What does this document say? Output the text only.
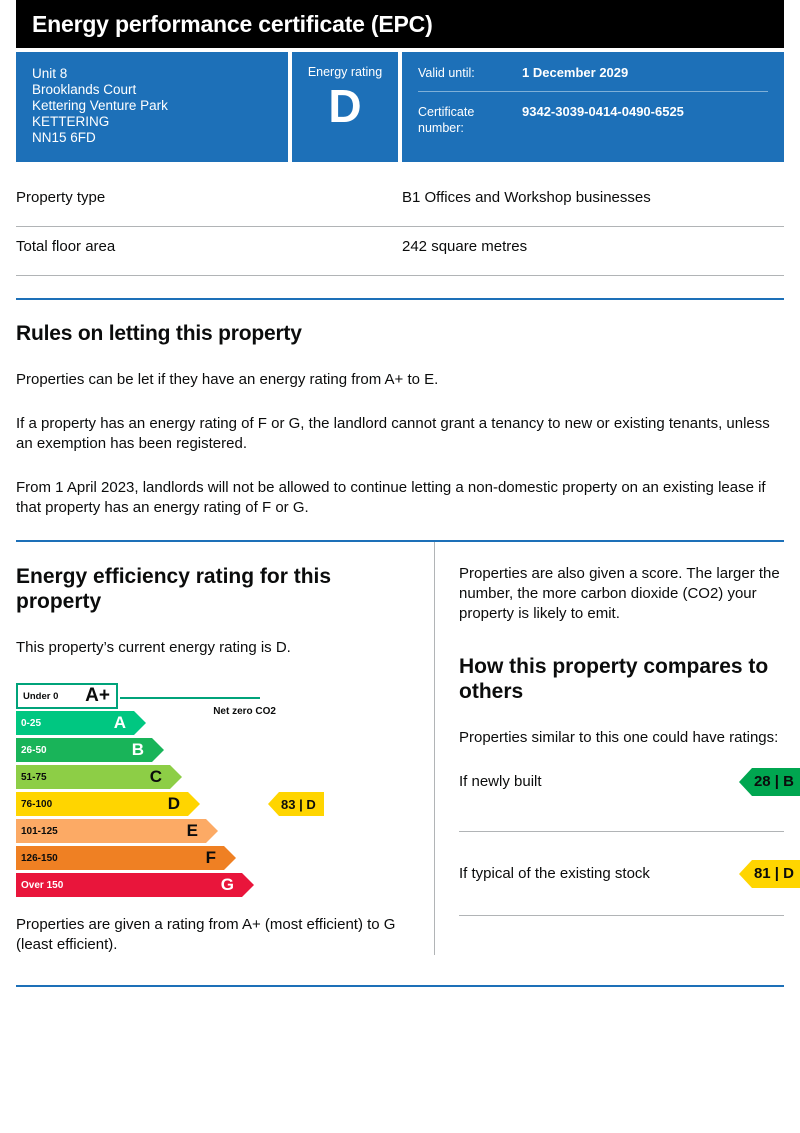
Energy performance certificate (EPC)
Unit 8
Brooklands Court
Kettering Venture Park
KETTERING
NN15 6FD
Energy rating
D
Valid until:	1 December 2029
Certificate number:
9342-3039-0414-0490-6525
Property type	B1 Offices and Workshop businesses
Total floor area	242 square metres
Rules on letting this property

Properties can be let if they have an energy rating from A+ to E.

If a property has an energy rating of F or G, the landlord cannot grant a tenancy to new or existing tenants, unless an exemption has been registered.

From 1 April 2023, landlords will not be allowed to continue letting a non-domestic property on an existing lease if that property has an energy rating of F or G.

Energy efficiency rating for this property

This property’s current energy rating is D.

Under 0 A+
Net zero CO2
0-25	A
26-50	B
51-75	C
76-100	D	83 | D
101-125	E
126-150	F
Over 150	G

Properties are given a rating from A+ (most efficient) to G (least efficient).

Properties are also given a score. The larger the number, the more carbon dioxide (CO2) your property is likely to emit.

How this property compares to others

Properties similar to this one could have ratings:

If newly built	28 | B
If typical of the existing stock	81 | D
